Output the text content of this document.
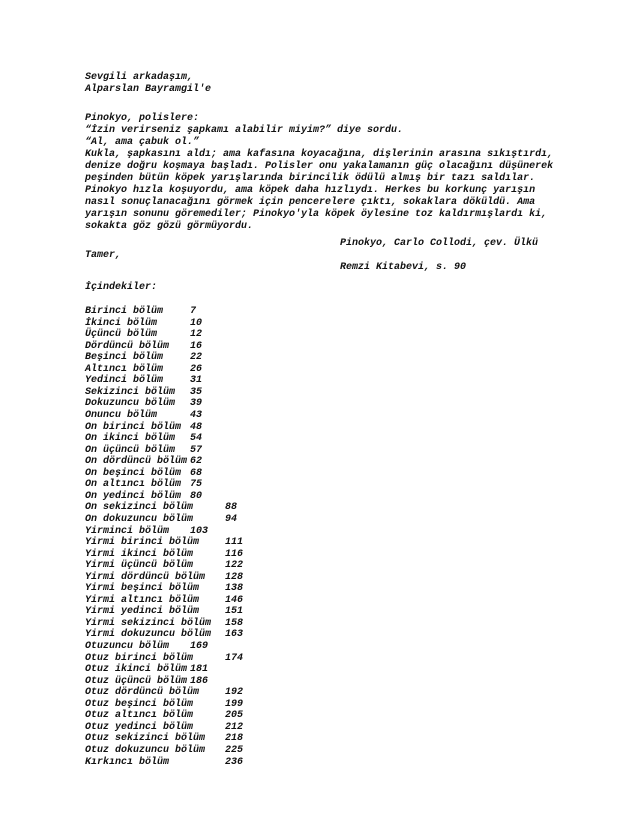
Sevgili arkadaşım,
Alparslan Bayramgil'e
Pinokyo, polislere:
“İzin verirseniz şapkamı alabilir miyim?” diye sordu.
“Al, ama çabuk ol.”
Kukla, şapkasını aldı; ama kafasına koyacağına, dişlerinin arasına sıkıştırdı,
denize doğru koşmaya başladı. Polisler onu yakalamanın güç olacağını düşünerek
peşinden bütün köpek yarışlarında birincilik ödülü almış bir tazı saldılar.
Pinokyo hızla koşuyordu, ama köpek daha hızlıydı. Herkes bu korkunç yarışın
nasıl sonuçlanacağını görmek için pencerelere çıktı, sokaklara döküldü. Ama
yarışın sonunu göremediler; Pinokyo'yla köpek öylesine toz kaldırmışlardı ki,
sokakta göz gözü görmüyordu.
Pinokyo, Carlo Collodi, çev. Ülkü
Tamer,
Remzi Kitabevi, s. 90
İçindekiler:
Birinci bölüm	7
İkinci bölüm	10
Üçüncü bölüm	12
Dördüncü bölüm 16
Beşinci bölüm	22
Altıncı bölüm	26
Yedinci bölüm	31
Sekizinci bölüm 35
Dokuzuncu bölüm 39
Onuncu bölüm	43
On birinci bölüm 48
On ikinci bölüm 54
On üçüncü bölüm 57
On dördüncü bölüm 62
On beşinci bölüm 68
On altıncı bölüm 75
On yedinci bölüm 80
On sekizinci bölüm	88
On dokuzuncu bölüm	94
Yirminci bölüm 103
Yirmi birinci bölüm	111
Yirmi ikinci bölüm	116
Yirmi üçüncü bölüm	122
Yirmi dördüncü bölüm 128
Yirmi beşinci bölüm	138
Yirmi altıncı bölüm	146
Yirmi yedinci bölüm	151
Yirmi sekizinci bölüm 158
Yirmi dokuzuncu bölüm 163
Otuzuncu bölüm 169
Otuz birinci bölüm	174
Otuz ikinci bölüm 181
Otuz üçüncü bölüm 186
Otuz dördüncü bölüm	192
Otuz beşinci bölüm	199
Otuz altıncı bölüm	205
Otuz yedinci bölüm	212
Otuz sekizinci bölüm 218
Otuz dokuzuncu bölüm 225
Kırkıncı bölüm	236
